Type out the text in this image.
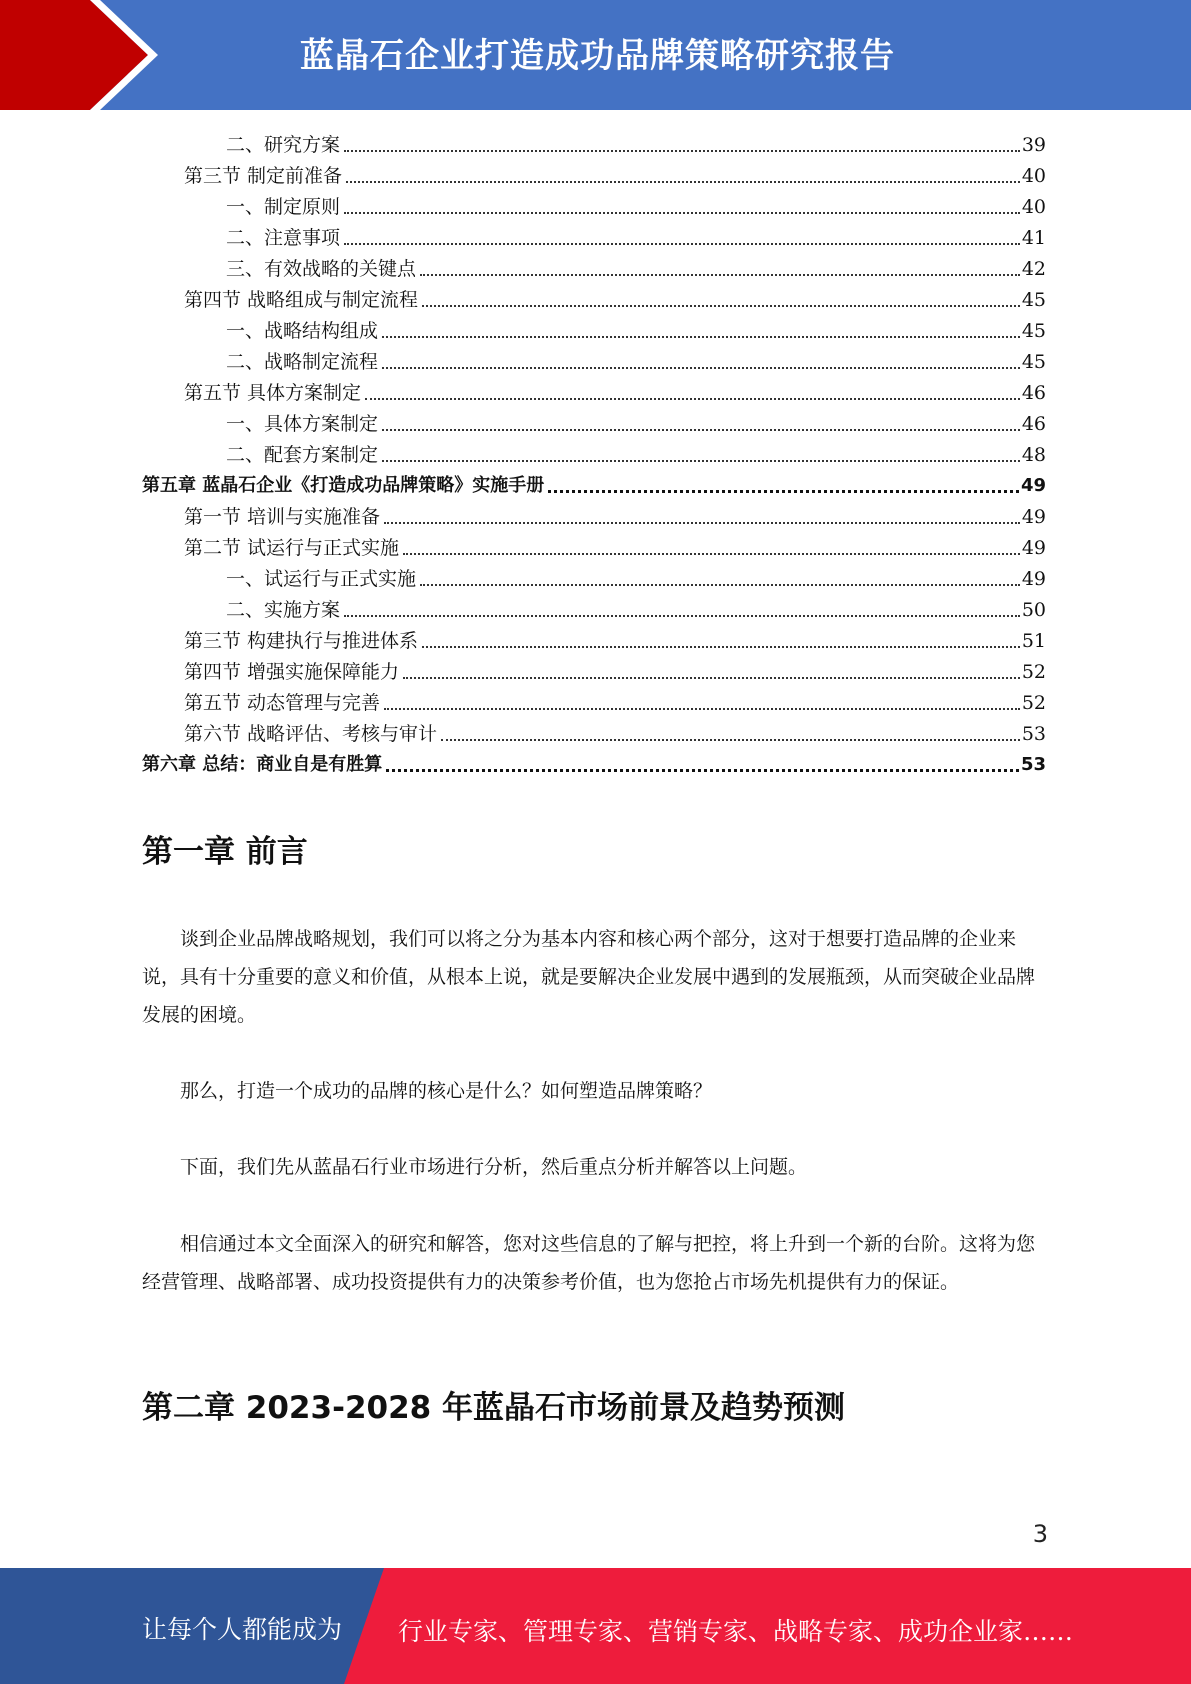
蓝晶石企业打造成功品牌策略研究报告
二、研究方案	39
第三节 制定前准备	40
一、制定原则	40
二、注意事项	41
三、有效战略的关键点	42
第四节 战略组成与制定流程	45
一、战略结构组成	45
二、战略制定流程	45
第五节 具体方案制定	46
一、具体方案制定	46
二、配套方案制定	48
第五章 蓝晶石企业《打造成功品牌策略》实施手册	49
第一节 培训与实施准备	49
第二节 试运行与正式实施	49
一、试运行与正式实施	49
二、实施方案	50
第三节 构建执行与推进体系	51
第四节 增强实施保障能力	52
第五节 动态管理与完善	52
第六节 战略评估、考核与审计	53
第六章 总结：商业自是有胜算	53
第一章 前言
谈到企业品牌战略规划，我们可以将之分为基本内容和核心两个部分，这对于想要打造品牌的企业来说，具有十分重要的意义和价值，从根本上说，就是要解决企业发展中遇到的发展瓶颈，从而突破企业品牌发展的困境。
那么，打造一个成功的品牌的核心是什么？如何塑造品牌策略？
下面，我们先从蓝晶石行业市场进行分析，然后重点分析并解答以上问题。
相信通过本文全面深入的研究和解答，您对这些信息的了解与把控，将上升到一个新的台阶。这将为您经营管理、战略部署、成功投资提供有力的决策参考价值，也为您抢占市场先机提供有力的保证。
第二章 2023-2028 年蓝晶石市场前景及趋势预测
3
让每个人都能成为 行业专家、管理专家、营销专家、战略专家、成功企业家……
